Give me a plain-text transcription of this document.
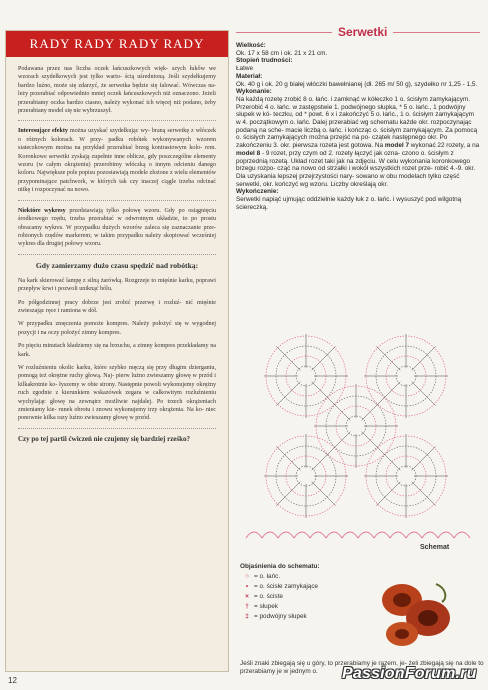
RADY RADY RADY RADY

Podawana przez nas liczba oczek łańcuszkowych więk- szych łukôw we wzorach szydełkowych jest tylko warto- ścią uśrednioną. Jeśli szydełkujemy bardzo luźno, może się zdarzyć, że serwetka będzie się falować. Wówczas na- leży przerabiać odpowiednio mniej oczek łańcuszkowych niż oznaczono. Jeżeli przerabiamy oczka bardzo ciasno, należy wykonać ich więcej niż podano, żeby przerabiany model się nie wybrzuszył.

Interesujące efekty można uzyskać szydełkując wy- braną serwetkę z włóczek o różnych kolorach. W przy- padku robótek wykonywanych wzorem siateczkowym można na przykład przerabiać brzeg kontrastowym kolo- rem. Koronkowe serwetki zyskają zupełnie inne oblicze, gdy poszczególne elementy wzoru (w całym okrążeniu) przerobimy włóczką o innym odcieniu danego koloru. Największe pole popisu pozostawiają modele złożone z wielu elementów przypominające patchwork, w których tak czy inaczej ciągle trzeba odcinać nitkę i rozpoczynać na nowo.

Niektóre wykresy przedstawiają tylko połowę wzoru. Gdy po osiągnięciu środkowego rzędu, trzeba przerabiać w odwrotnym układzie, to po prostu obracamy wykres. W przypadku dużych wzorów zaleca się zaznaczanie prze- robionych rzędów markerem; w takim przypadku należy skopiować wcześniej wykres dla drugiej połowy wzoru.

Gdy zamierzamy dużo czasu spędzić nad robótką:

Na kark skierować lampę z silną żarówką. Rozgrzeje to mięśnie karku, poprawi przepływ krwi i pozwoli uniknąć bólu.

Po półgodzinnej pracy dobrze jest zrobić przerwę i rozluź- nić mięśnie zwieszając ręce i ramiona w dół.

W przypadku zmęczenia pomoże kompres. Należy położyć się w wygodnej pozycji i na oczy położyć zimny kompres.

Po pięciu minutach kładziemy się na brzuchu, a zimny kompres przekładamy na kark.

W rozluźnieniu okolic karku, które szybko męczą się przy długim dzierganiu, pomogą też okrężne ruchy głową. Naj- pierw lużno zwieszamy głowę w przód i kilkakrotnie ko- łyszemy w obie strony. Następnie powoli wykonujemy okrężny ruch zgodnie z kierunkiem wskazówek zegara w całkowitym rozluźnieniu wychylając głowę na zewnątrz możliwie najdalej. Po trzech okrążeniach zmieniamy kie- runek obrotu i znowu wykonujemy trzy okrążenia. Na ko- niec ponownie kilka razy luźno zwieszamy głowę w przód.

Czy po tej partii ćwiczeń nie czujemy się bardziej rześko?

Serwetki

Wielkość:

Ok. 17 x 58 cm i ok. 21 x 21 cm.

Stopień trudności:

Łatwe

Materiał:

Ok. 40 g i ok. 20 g białej włóczki bawełnianej (dł. 265 m/ 50 g), szydełko nr 1,25 - 1,5.

Wykonanie:

Na każdą rozetę zrobić 8 o. łańc. i zamknąć w kółeczko 1 o. ścisłym zamykającym. Przerobić 4 o. łańc. w zastępstwie 1. podwójnego słupka, * 5 o. łańc., 1 podwójny słupek w kó- teczku, od * powt. 6 x i zakończyć 5 o. łańc., 1 o. ścisłym zamykającym w 4. początkowym o. łańc. Dalej przerabiać wg schematu każde okr. rozpoczynając podaną na sche- macie liczbą o. łańc. i kończąc o. ścisłym zamykającym. Za pomocą o. ścisłych zamykających można przejść na po- czątek następnego okr. Po zakończeniu 3. okr. pierwsza rozeta jest gotowa. Na model 7 wykonać 22 rozety, a na model 8 - 9 rozet, przy czym od 2. rozety łączyć jak ozna- czono o. ścisłym z poprzednią rozetą. Układ rozet taki jak na zdjęciu. W celu wykonania koronkowego brzegu rozpo- cząć na nowo od strzałki i wokół wszystkich rozet prze- robić 4.-9. okr. Dla uzyskania lepszej przejrzystości nary- sowano w obu modelach tylko część serwetki, okr. kończyć wg wzoru. Liczby określają okr.

Wykończenie:

Serwetki napiąć ujmując oddzielnie każdy łuk z o. łańc. i wysuszyć pod wilgotną ściereczką.

Schemat
Objaśnienia do schematu:
○ = o. łańc.
• = o. ścisłe zamykające
× = o. ściste
† = słupek
‡ = podwójny słupek
Jeśli znaki zbiegają się u góry, to przerabiamy je razem, je- żeli zbiegają się na dole to przerabiamy je w jednym o.
12	PassionForum.ru
